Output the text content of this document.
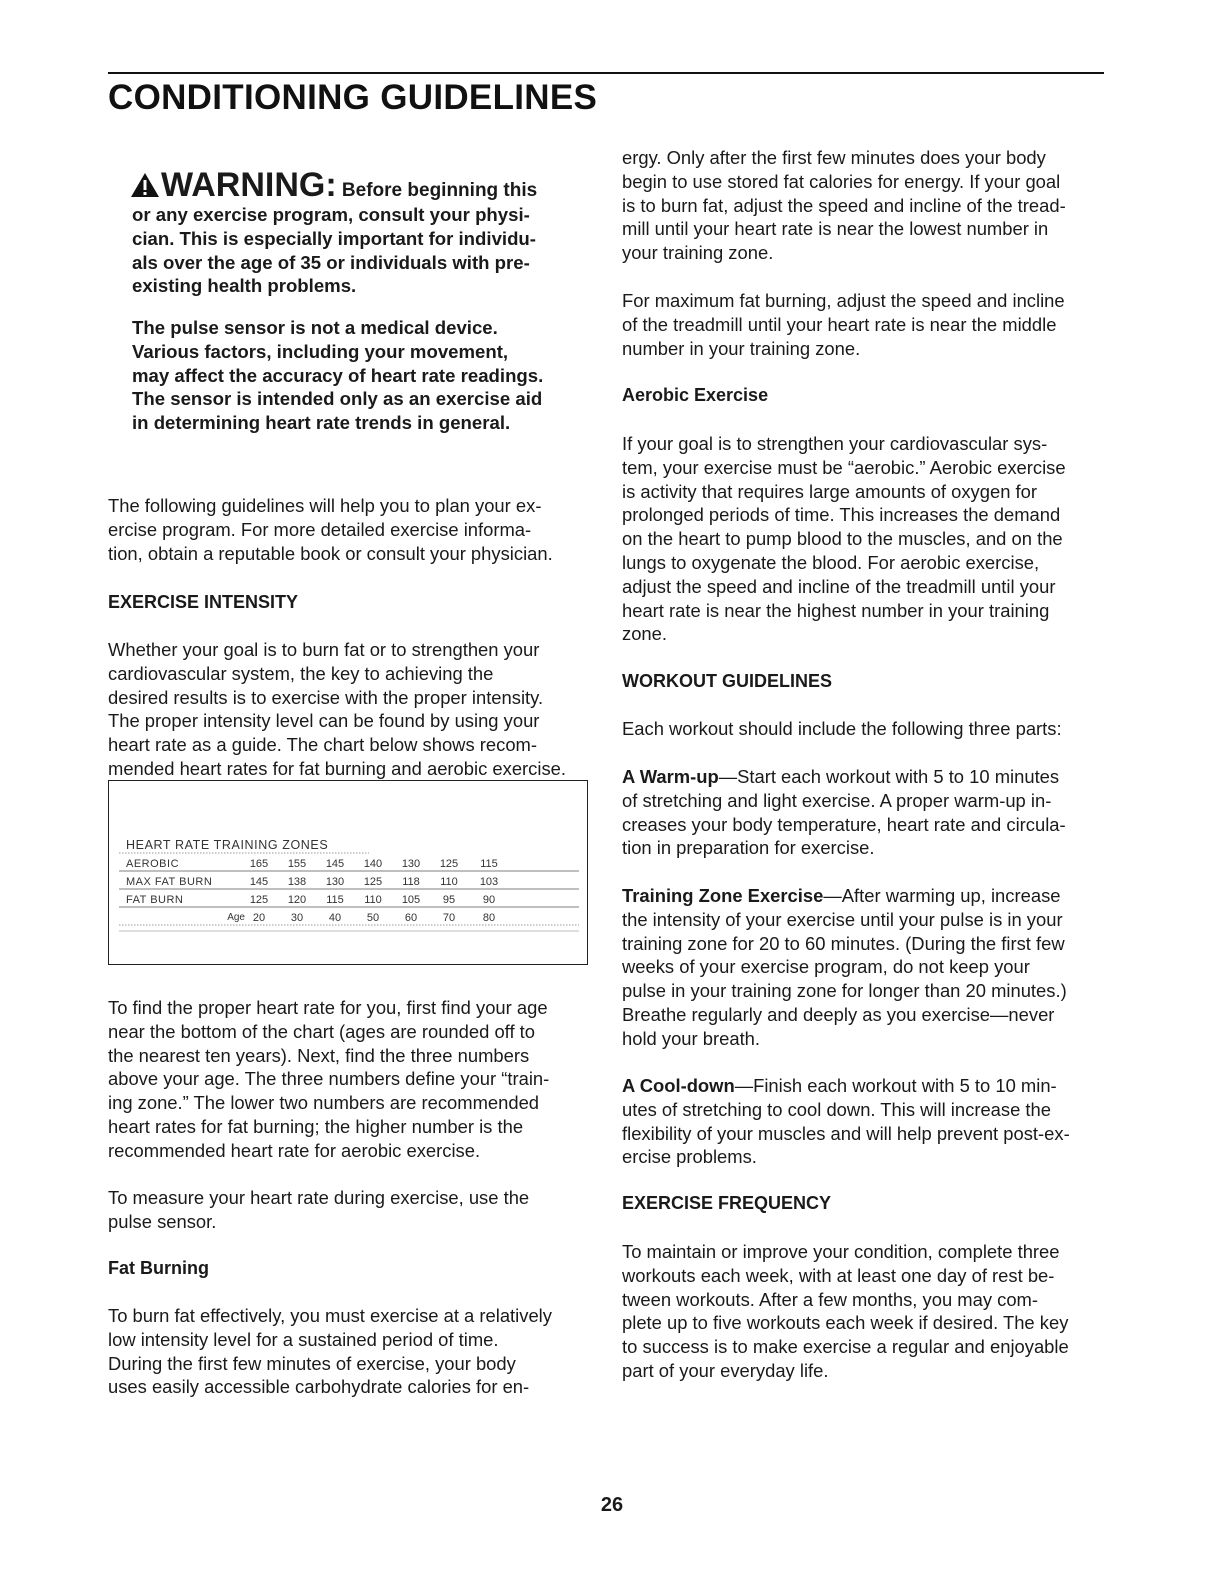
CONDITIONING GUIDELINES
WARNING: Before beginning this
or any exercise program, consult your physi-
cian. This is especially important for individu-
als over the age of 35 or individuals with pre-
existing health problems.
The pulse sensor is not a medical device.
Various factors, including your movement,
may affect the accuracy of heart rate readings.
The sensor is intended only as an exercise aid
in determining heart rate trends in general.
The following guidelines will help you to plan your ex-
ercise program. For more detailed exercise informa-
tion, obtain a reputable book or consult your physician.
EXERCISE INTENSITY
Whether your goal is to burn fat or to strengthen your
cardiovascular system, the key to achieving the
desired results is to exercise with the proper intensity.
The proper intensity level can be found by using your
heart rate as a guide. The chart below shows recom-
mended heart rates for fat burning and aerobic exercise.
To find the proper heart rate for you, first find your age
near the bottom of the chart (ages are rounded off to
the nearest ten years). Next, find the three numbers
above your age. The three numbers define your “train-
ing zone.” The lower two numbers are recommended
heart rates for fat burning; the higher number is the
recommended heart rate for aerobic exercise.
To measure your heart rate during exercise, use the
pulse sensor.
Fat Burning
To burn fat effectively, you must exercise at a relatively
low intensity level for a sustained period of time.
During the first few minutes of exercise, your body
uses easily accessible carbohydrate calories for en-
HEART RATE TRAINING ZONES
AEROBIC	165 155 145 140 130 125 115
MAX FAT BURN	145 138 130 125 118 110 103
FAT BURN	125 120 115 110 105 95	90
Age 20 30 40 50 60 70	80
ergy. Only after the first few minutes does your body
begin to use stored fat calories for energy. If your goal
is to burn fat, adjust the speed and incline of the tread-
mill until your heart rate is near the lowest number in
your training zone.
For maximum fat burning, adjust the speed and incline
of the treadmill until your heart rate is near the middle
number in your training zone.
Aerobic Exercise
If your goal is to strengthen your cardiovascular sys-
tem, your exercise must be “aerobic.” Aerobic exercise
is activity that requires large amounts of oxygen for
prolonged periods of time. This increases the demand
on the heart to pump blood to the muscles, and on the
lungs to oxygenate the blood. For aerobic exercise,
adjust the speed and incline of the treadmill until your
heart rate is near the highest number in your training
zone.
WORKOUT GUIDELINES
Each workout should include the following three parts:
A Warm-up—Start each workout with 5 to 10 minutes
of stretching and light exercise. A proper warm-up in-
creases your body temperature, heart rate and circula-
tion in preparation for exercise.
Training Zone Exercise—After warming up, increase
the intensity of your exercise until your pulse is in your
training zone for 20 to 60 minutes. (During the first few
weeks of your exercise program, do not keep your
pulse in your training zone for longer than 20 minutes.)
Breathe regularly and deeply as you exercise—never
hold your breath.
A Cool-down—Finish each workout with 5 to 10 min-
utes of stretching to cool down. This will increase the
flexibility of your muscles and will help prevent post-ex-
ercise problems.
EXERCISE FREQUENCY
To maintain or improve your condition, complete three
workouts each week, with at least one day of rest be-
tween workouts. After a few months, you may com-
plete up to five workouts each week if desired. The key
to success is to make exercise a regular and enjoyable
part of your everyday life.
26
